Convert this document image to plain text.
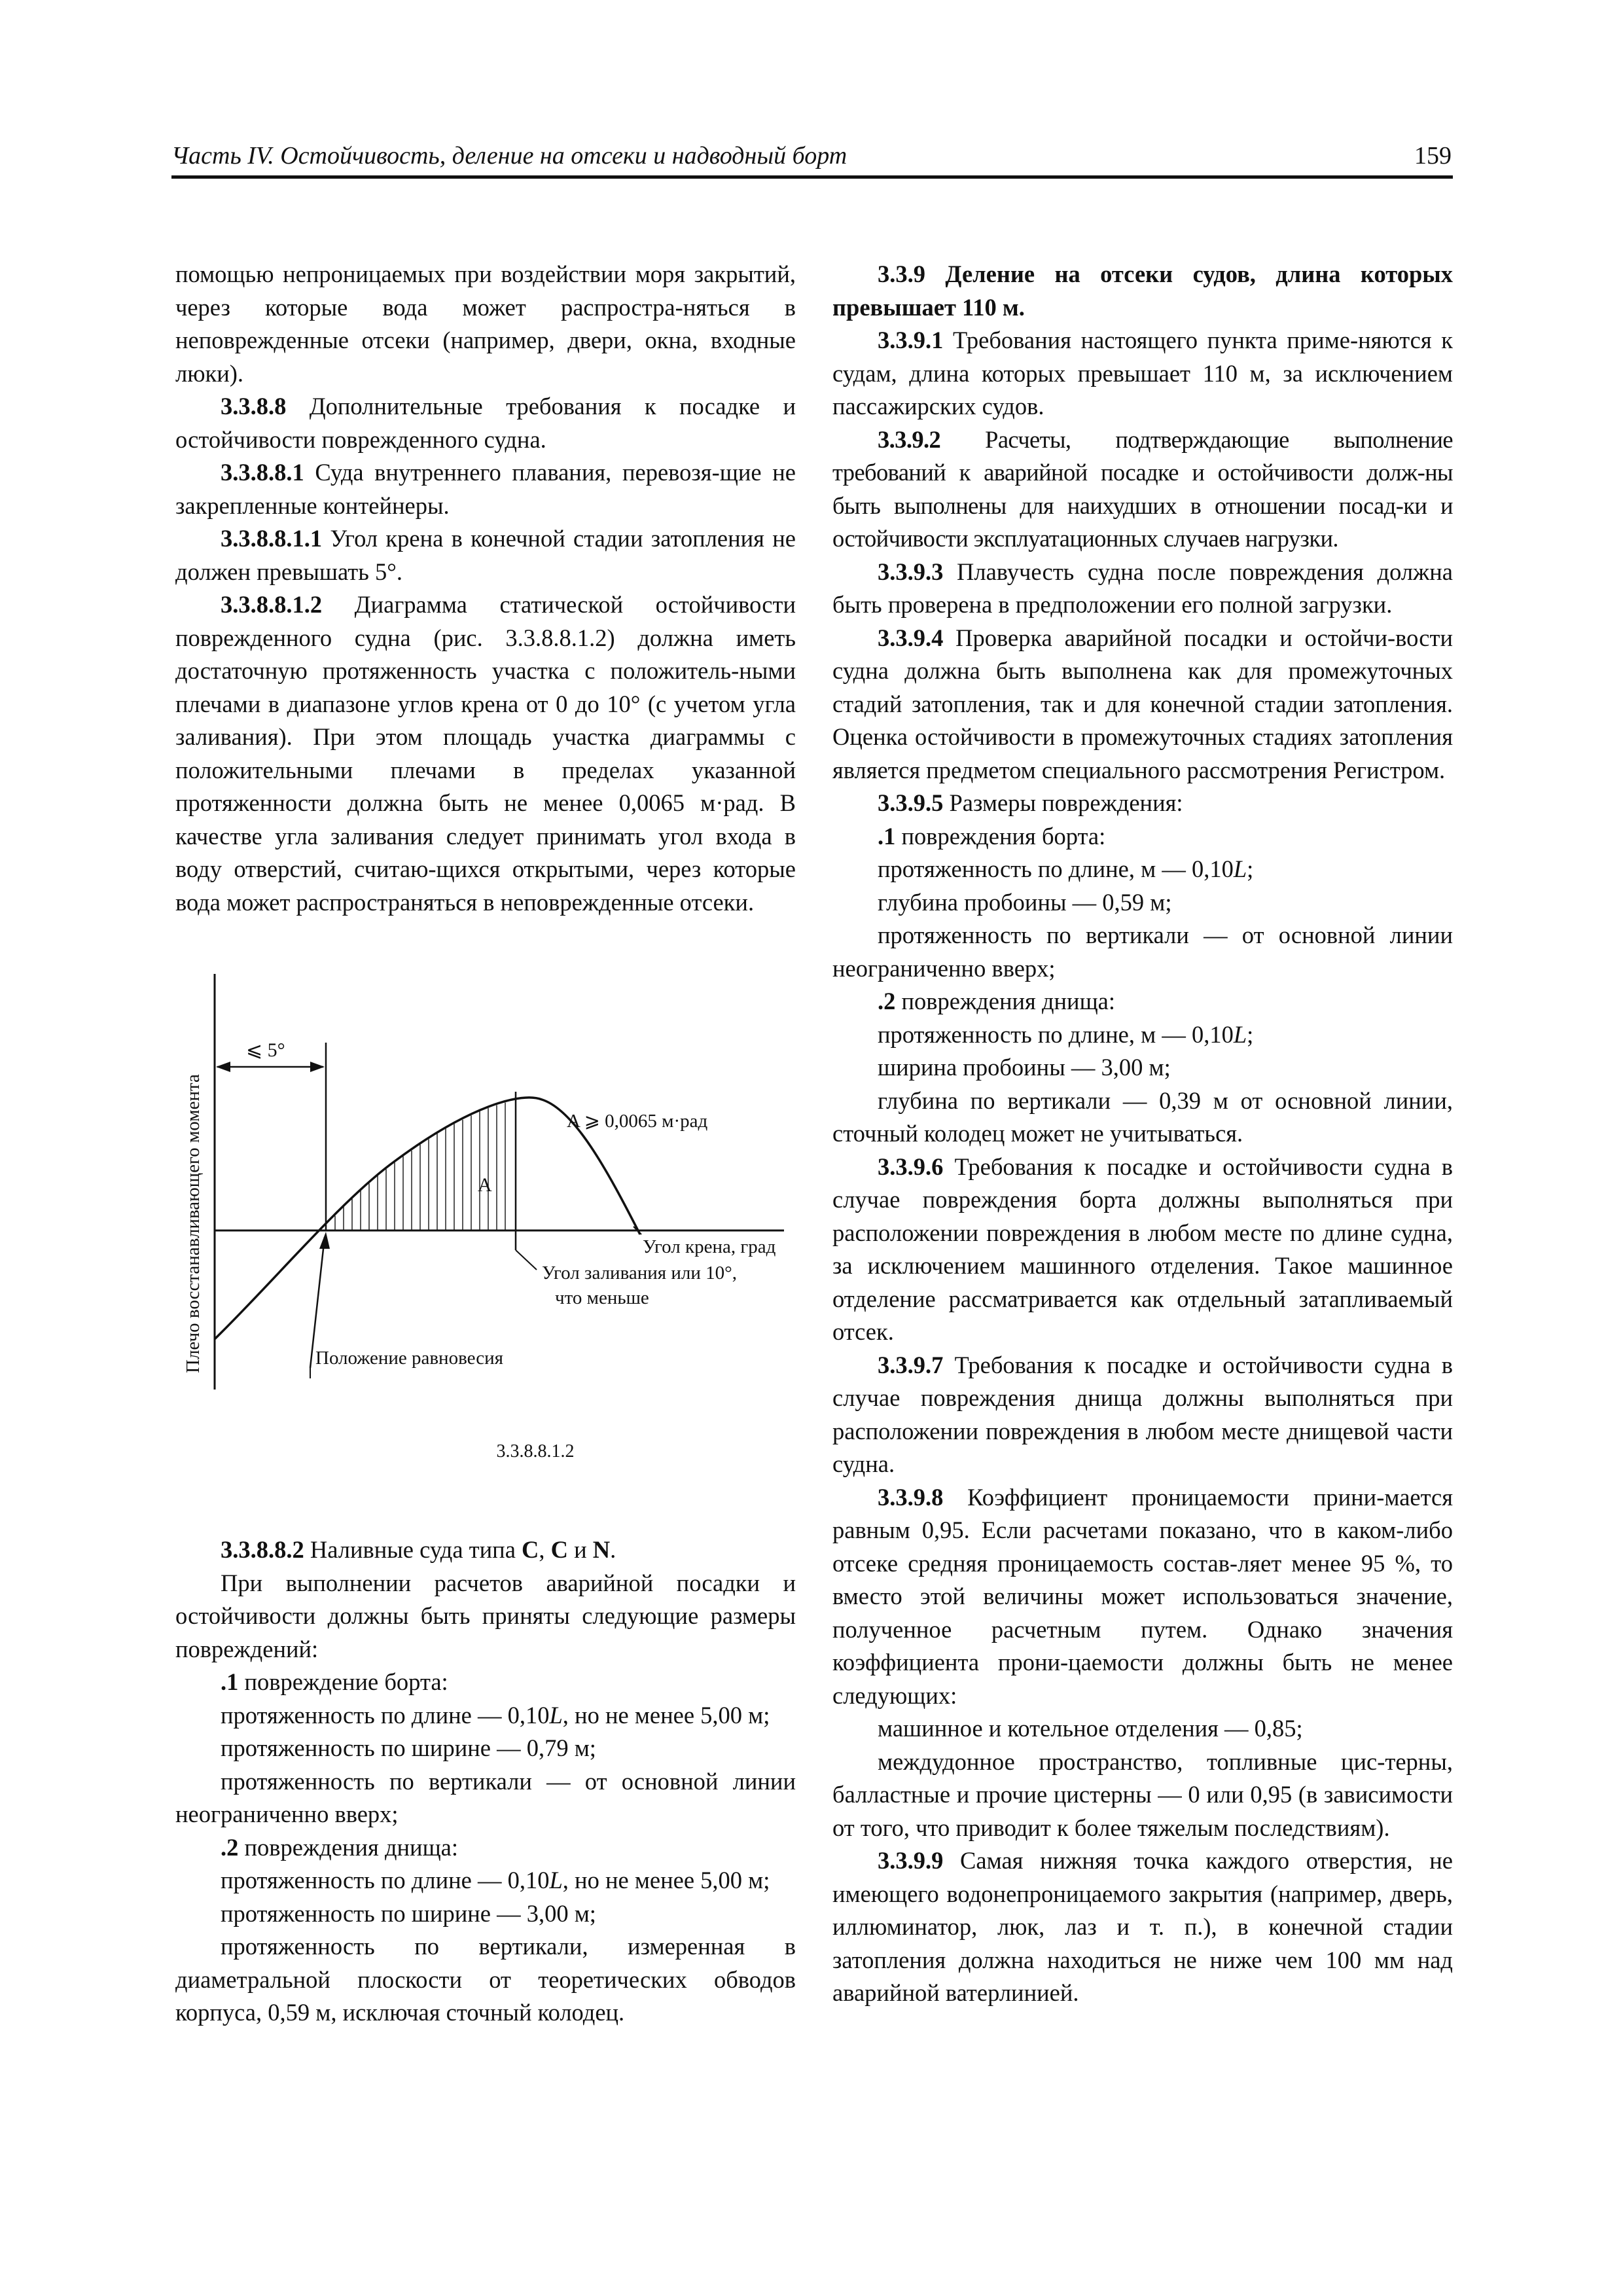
Часть IV. Остойчивость, деление на отсеки и надводный борт	159

помощью непроницаемых при воздействии моря закрытий, через которые вода может распростра-няться в неповрежденные отсеки (например, двери, окна, входные люки).

3.3.8.8 Дополнительные требования к посадке и остойчивости поврежденного судна.

3.3.8.8.1 Суда внутреннего плавания, перевозя-щие не закрепленные контейнеры.

3.3.8.8.1.1 Угол крена в конечной стадии затопления не должен превышать 5°.

3.3.8.8.1.2 Диаграмма статической остойчивости поврежденного судна (рис. 3.3.8.8.1.2) должна иметь достаточную протяженность участка с положитель-ными плечами в диапазоне углов крена от 0 до 10° (с учетом угла заливания). При этом площадь участка диаграммы с положительными плечами в пределах указанной протяженности должна быть не менее 0,0065 м·рад. В качестве угла заливания следует принимать угол входа в воду отверстий, считаю-щихся открытыми, через которые вода может распространяться в неповрежденные отсеки.

⩽ 5°
Угол заливания или 10°,
что меньше
A ⩾ 0,0065 м·рад
A
Угол крена, град
Положение равновесия
Плечо восстанавливающего момента
3.3.8.8.1.2

3.3.8.8.2 Наливные суда типа C, C и N.

При выполнении расчетов аварийной посадки и остойчивости должны быть приняты следующие размеры повреждений:

.1 повреждение борта:

протяженность по длине — 0,10L, но не менее 5,00 м;

протяженность по ширине — 0,79 м;

протяженность по вертикали — от основной линии неограниченно вверх;

.2 повреждения днища:

протяженность по длине — 0,10L, но не менее 5,00 м;

протяженность по ширине — 3,00 м;

протяженность по вертикали, измеренная в диаметральной плоскости от теоретических обводов корпуса, 0,59 м, исключая сточный колодец.

3.3.9 Деление на отсеки судов, длина которых превышает 110 м.

3.3.9.1 Требования настоящего пункта приме-няются к судам, длина которых превышает 110 м, за исключением пассажирских судов.

3.3.9.2 Расчеты, подтверждающие выполнение требований к аварийной посадке и остойчивости долж-ны быть выполнены для наихудших в отношении посад-ки и остойчивости эксплуатационных случаев нагрузки.

3.3.9.3 Плавучесть судна после повреждения должна быть проверена в предположении его полной загрузки.

3.3.9.4 Проверка аварийной посадки и остойчи-вости судна должна быть выполнена как для промежуточных стадий затопления, так и для конечной стадии затопления. Оценка остойчивости в промежуточных стадиях затопления является предметом специального рассмотрения Регистром.

3.3.9.5 Размеры повреждения:

.1 повреждения борта:

протяженность по длине, м — 0,10L;

глубина пробоины — 0,59 м;

протяженность по вертикали — от основной линии неограниченно вверх;

.2 повреждения днища:

протяженность по длине, м — 0,10L;

ширина пробоины — 3,00 м;

глубина по вертикали — 0,39 м от основной линии, сточный колодец может не учитываться.

3.3.9.6 Требования к посадке и остойчивости судна в случае повреждения борта должны выполняться при расположении повреждения в любом месте по длине судна, за исключением машинного отделения. Такое машинное отделение рассматривается как отдельный затапливаемый отсек.

3.3.9.7 Требования к посадке и остойчивости судна в случае повреждения днища должны выполняться при расположении повреждения в любом месте днищевой части судна.

3.3.9.8 Коэффициент проницаемости прини-мается равным 0,95. Если расчетами показано, что в каком-либо отсеке средняя проницаемость состав-ляет менее 95 %, то вместо этой величины может использоваться значение, полученное расчетным путем. Однако значения коэффициента прони-цаемости должны быть не менее следующих:

машинное и котельное отделения — 0,85;

междудонное пространство, топливные цис-терны, балластные и прочие цистерны — 0 или 0,95 (в зависимости от того, что приводит к более тяжелым последствиям).

3.3.9.9 Самая нижняя точка каждого отверстия, не имеющего водонепроницаемого закрытия (например, дверь, иллюминатор, люк, лаз и т. п.), в конечной стадии затопления должна находиться не ниже чем 100 мм над аварийной ватерлинией.
